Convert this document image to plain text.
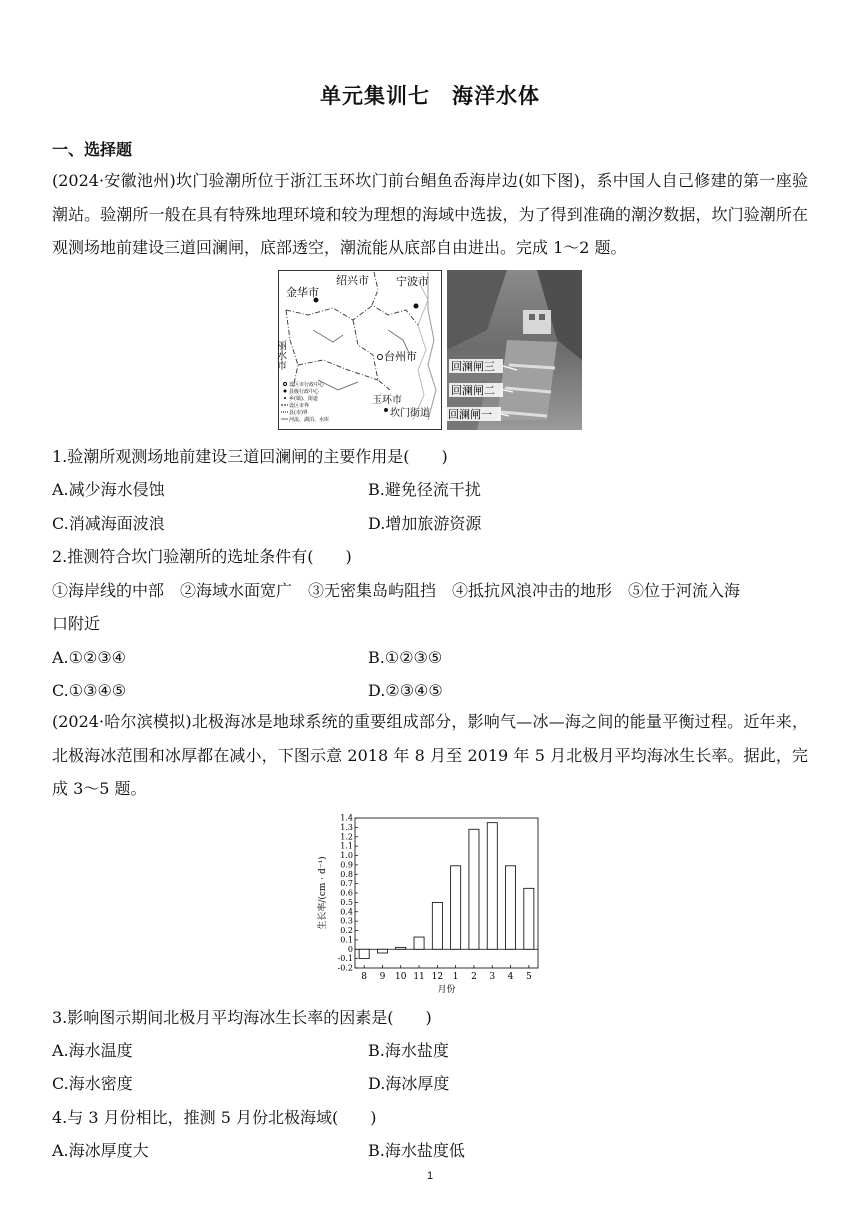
单元集训七　海洋水体
一、选择题
(2024·安徽池州)坎门验潮所位于浙江玉环坎门前台鲳鱼岙海岸边(如下图)，系中国人自己修建的第一座验潮站。验潮所一般在具有特殊地理环境和较为理想的海域中选拔，为了得到准确的潮汐数据，坎门验潮所在观测场地前建设三道回澜闸，底部透空，潮流能从底部自由进出。完成 1～2 题。
绍兴市 宁波市
金华市
台州市
丽水市
玉环市
坎门街道
设区市行政中心
县级行政中心
乡(镇)、街道
设区市界
县(市)界
河流、湖泊、水库
回澜闸三
回澜闸二
回澜闸一
1.验潮所观测场地前建设三道回澜闸的主要作用是(　　)
A.减少海水侵蚀	B.避免径流干扰
C.消减海面波浪	D.增加旅游资源
2.推测符合坎门验潮所的选址条件有(　　)
①海岸线的中部　②海域水面宽广　③无密集岛屿阻挡　④抵抗风浪冲击的地形　⑤位于河流入海
口附近
A.①②③④	B.①②③⑤
C.①③④⑤	D.②③④⑤
(2024·哈尔滨模拟)北极海冰是地球系统的重要组成部分，影响气—冰—海之间的能量平衡过程。近年来，北极海冰范围和冰厚都在减小，下图示意 2018 年 8 月至 2019 年 5 月北极月平均海冰生长率。据此，完成 3～5 题。
-0.2
-0.1
0
0.1
0.2
0.3
0.4
0.5
0.6
0.7
0.8
0.9
1.0
1.1
1.2
1.3
1.4
8 9 10 11 12 1 2 3 4 5
月份
生长率/(cm · d⁻¹)
3.影响图示期间北极月平均海冰生长率的因素是(　　)
A.海水温度	B.海水盐度
C.海水密度	D.海冰厚度
4.与 3 月份相比，推测 5 月份北极海域(　　)
A.海冰厚度大	B.海水盐度低
1
